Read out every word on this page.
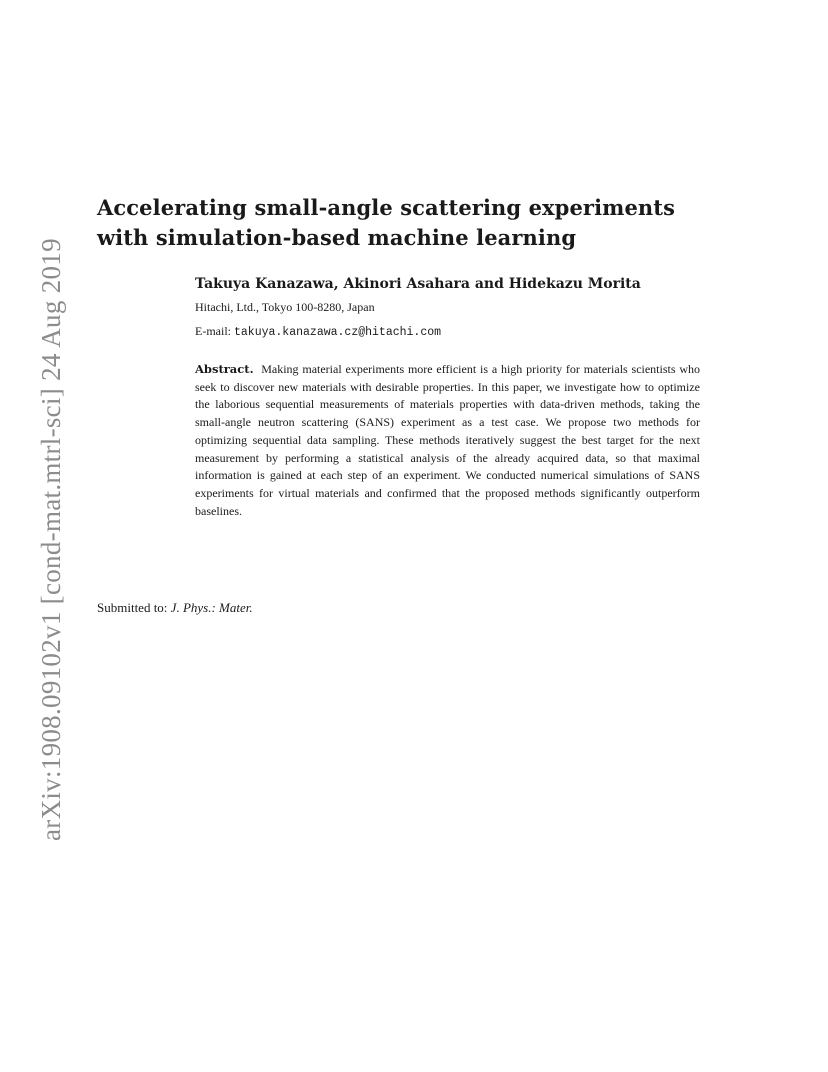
arXiv:1908.09102v1 [cond-mat.mtrl-sci] 24 Aug 2019
Accelerating small-angle scattering experiments with simulation-based machine learning
Takuya Kanazawa, Akinori Asahara and Hidekazu Morita
Hitachi, Ltd., Tokyo 100-8280, Japan
E-mail: takuya.kanazawa.cz@hitachi.com
Abstract. Making material experiments more efficient is a high priority for materials scientists who seek to discover new materials with desirable properties. In this paper, we investigate how to optimize the laborious sequential measurements of materials properties with data-driven methods, taking the small-angle neutron scattering (SANS) experiment as a test case. We propose two methods for optimizing sequential data sampling. These methods iteratively suggest the best target for the next measurement by performing a statistical analysis of the already acquired data, so that maximal information is gained at each step of an experiment. We conducted numerical simulations of SANS experiments for virtual materials and confirmed that the proposed methods significantly outperform baselines.
Submitted to: J. Phys.: Mater.
